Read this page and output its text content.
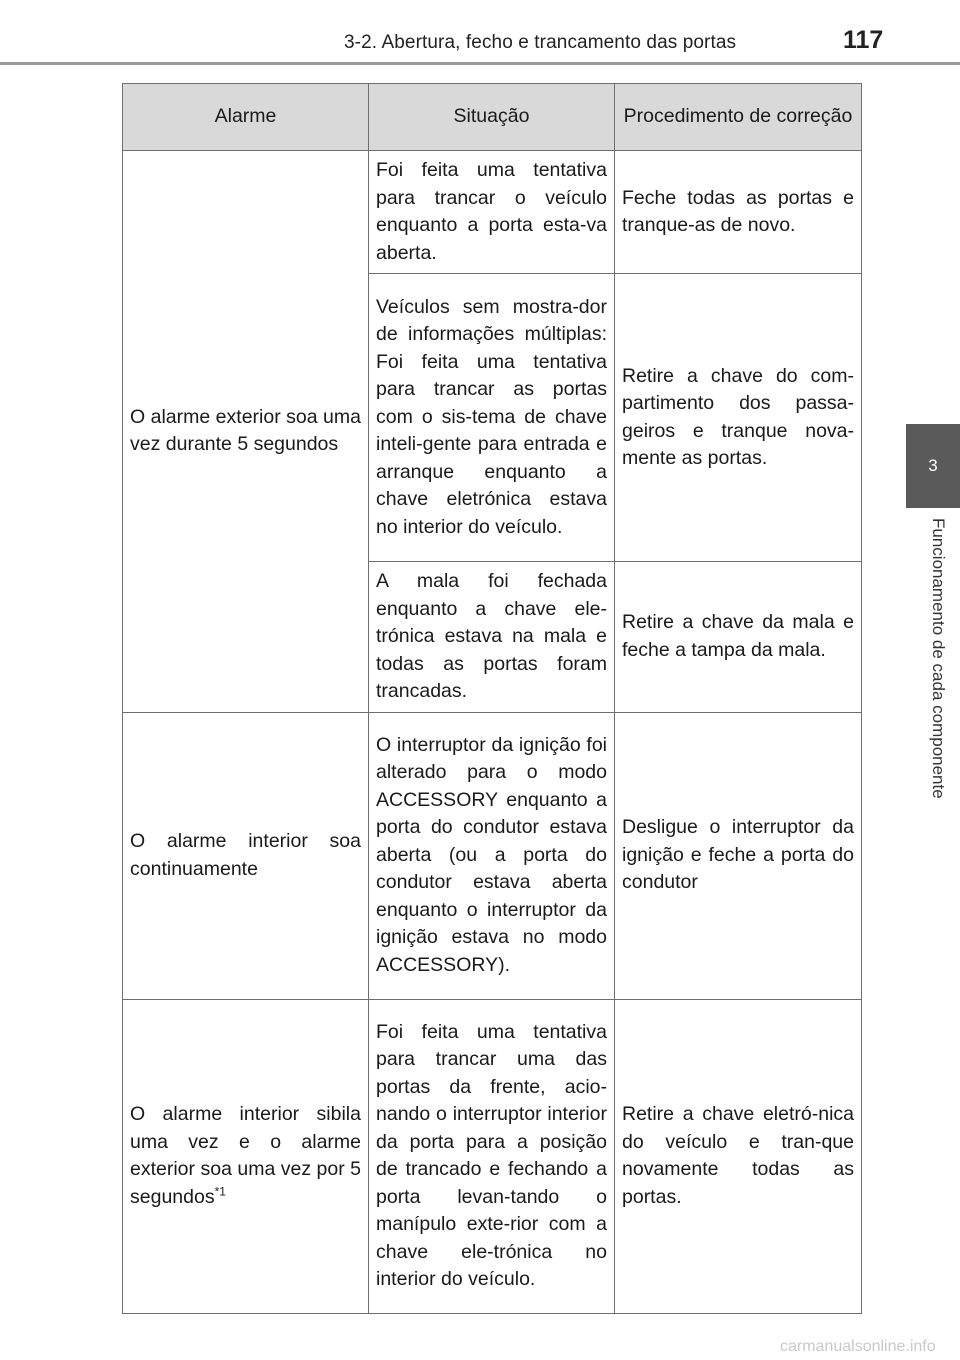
3-2. Abertura, fecho e trancamento das portas	117
3
Funcionamento de cada componente
Alarme	Situação	Procedimento de correção
O alarme exterior soa uma vez durante 5 segundos	Foi feita uma tentativa para trancar o veículo enquanto a porta esta-va aberta.	Feche todas as portas e tranque-as de novo.
	Veículos sem mostra-dor de informações múltiplas: Foi feita uma tentativa para trancar as portas com o sis-tema de chave inteli-gente para entrada e arranque enquanto a chave eletrónica estava no interior do veículo.	Retire a chave do com-partimento dos passa-geiros e tranque nova-mente as portas.
	A mala foi fechada enquanto a chave ele-trónica estava na mala e todas as portas foram trancadas.	Retire a chave da mala e feche a tampa da mala.
O alarme interior soa continuamente	O interruptor da ignição foi alterado para o modo ACCESSORY enquanto a porta do condutor estava aberta (ou a porta do condutor estava aberta enquanto o interruptor da ignição estava no modo ACCESSORY).	Desligue o interruptor da ignição e feche a porta do condutor
O alarme interior sibila uma vez e o alarme exterior soa uma vez por 5 segundos$^{*1}$	Foi feita uma tentativa para trancar uma das portas da frente, acio-nando o interruptor interior da porta para a posição de trancado e fechando a porta levan-tando o manípulo exte-rior com a chave ele-trónica no interior do veículo.	Retire a chave eletró-nica do veículo e tran-que novamente todas as portas.
carmanualsonline.info
